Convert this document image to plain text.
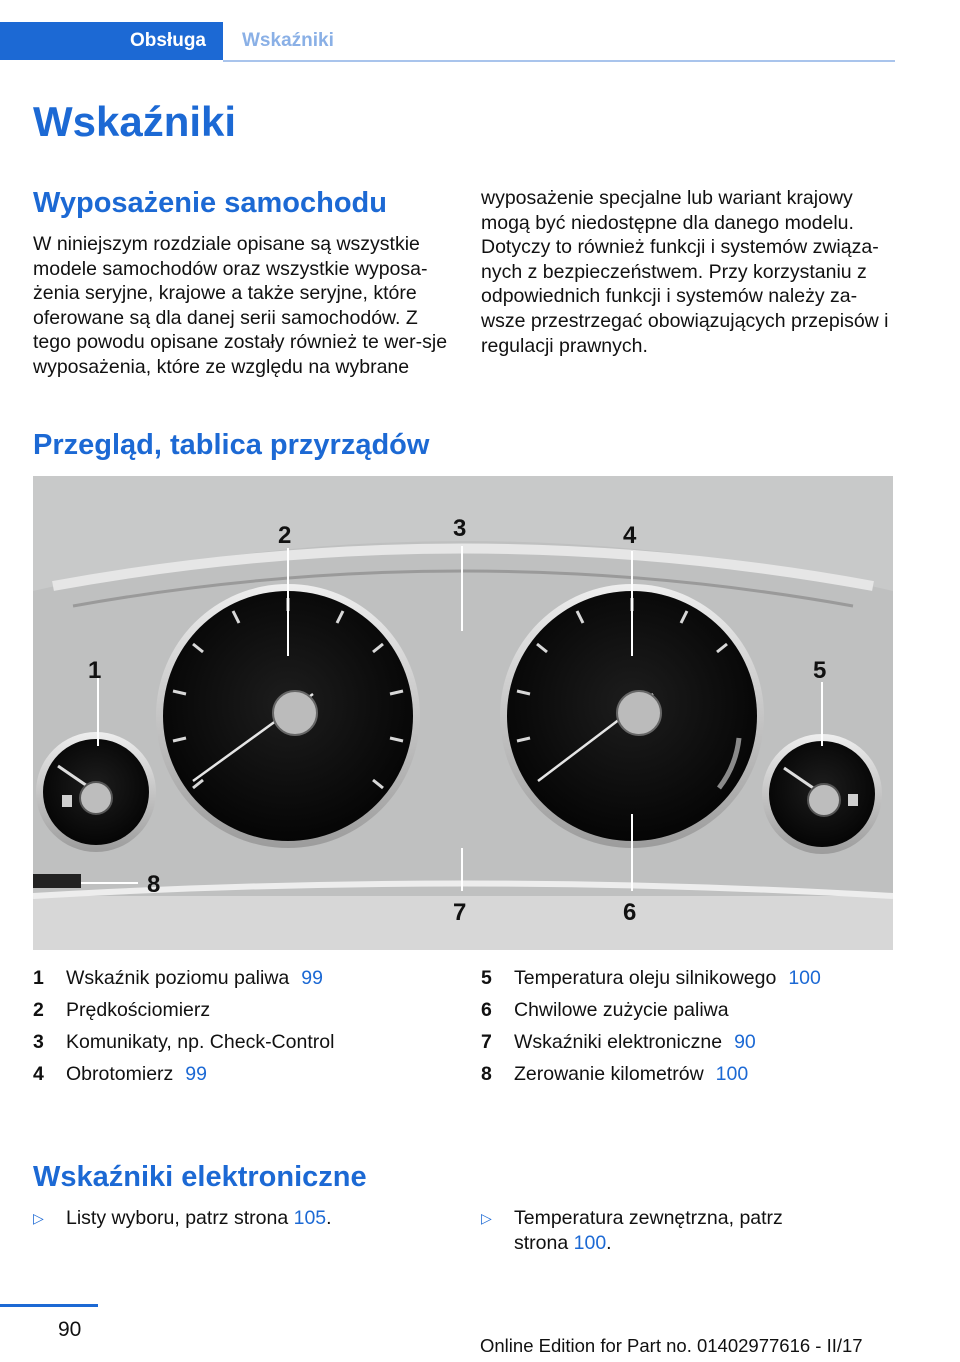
Obsługa Wskaźniki
Wskaźniki
Wyposażenie samochodu

W niniejszym rozdziale opisane są wszystkie modele samochodów oraz wszystkie wyposa‐żenia seryjne, krajowe a także seryjne, które oferowane są dla danej serii samochodów. Z tego powodu opisane zostały również te wer‐sje wyposażenia, które ze względu na wybrane

wyposażenie specjalne lub wariant krajowy mogą być niedostępne dla danego modelu. Dotyczy to również funkcji i systemów związa‐nych z bezpieczeństwem. Przy korzystaniu z odpowiednich funkcji i systemów należy za‐wsze przestrzegać obowiązujących przepisów i regulacji prawnych.

Przegląd, tablica przyrządów
1
2	3	4
5
6
7
8
1 Wskaźnik poziomu paliwa 99
2 Prędkościomierz
3 Komunikaty, np. Check-Control
4 Obrotomierz 99
5 Temperatura oleju silnikowego 100
6 Chwilowe zużycie paliwa
7 Wskaźniki elektroniczne 90
8 Zerowanie kilometrów 100
Wskaźniki elektroniczne
▷ Listy wyboru, patrz strona 105.	▷ Temperatura zewnętrzna, patrz strona 100.
90
Online Edition for Part no. 01402977616 - II/17
